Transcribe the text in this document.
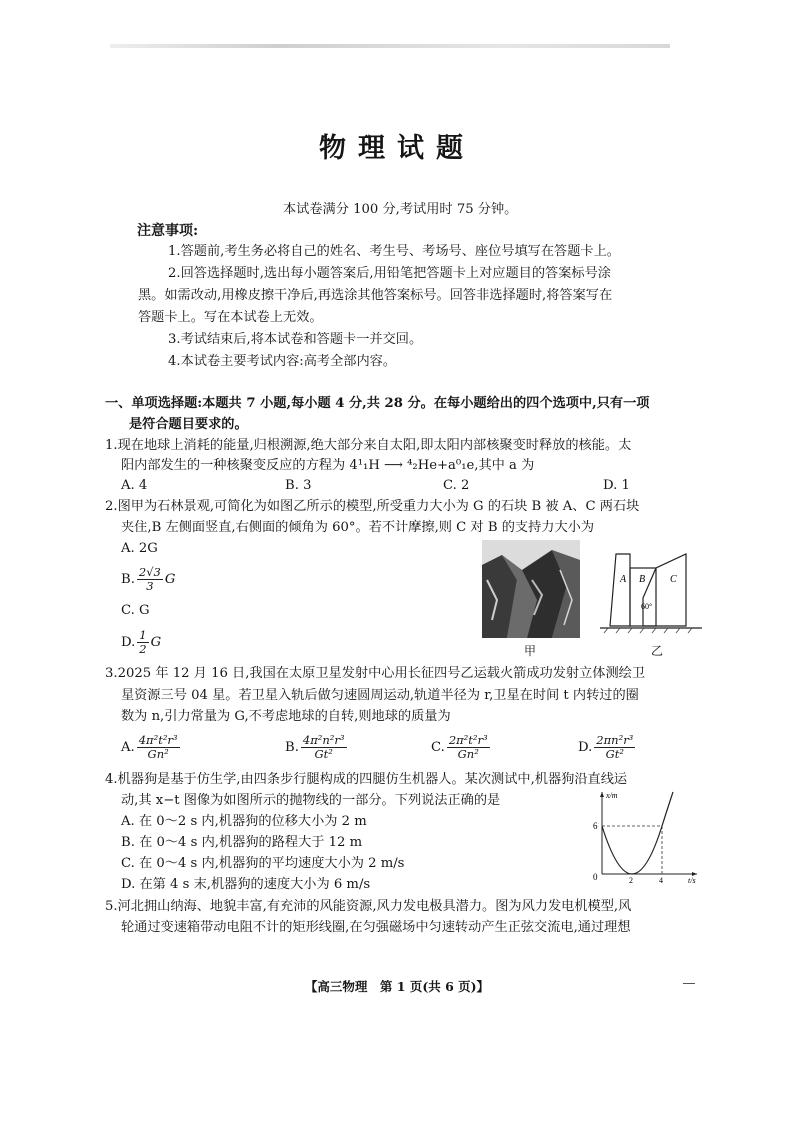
物理试题
本试卷满分 100 分,考试用时 75 分钟。
注意事项:
1.答题前,考生务必将自己的姓名、考生号、考场号、座位号填写在答题卡上。
2.回答选择题时,选出每小题答案后,用铅笔把答题卡上对应题目的答案标号涂
黑。如需改动,用橡皮擦干净后,再选涂其他答案标号。回答非选择题时,将答案写在
答题卡上。写在本试卷上无效。
3.考试结束后,将本试卷和答题卡一并交回。
4.本试卷主要考试内容:高考全部内容。
一、单项选择题:本题共 7 小题,每小题 4 分,共 28 分。在每小题给出的四个选项中,只有一项
是符合题目要求的。
1.现在地球上消耗的能量,归根溯源,绝大部分来自太阳,即太阳内部核聚变时释放的核能。太
阳内部发生的一种核聚变反应的方程为 4¹₁H ⟶ ⁴₂He+a⁰₁e,其中 a 为
A. 4	B. 3	C. 2	D. 1
2.图甲为石林景观,可简化为如图乙所示的模型,所受重力大小为 G 的石块 B 被 A、C 两石块
夹住,B 左侧面竖直,右侧面的倾角为 60°。若不计摩擦,则 C 对 B 的支持力大小为
A. 2G
B. $\frac{2√3}{3}$ G
C. G
D. $\frac{1}{2}$ G
甲
A B C
60°
乙
3.2025 年 12 月 16 日,我国在太原卫星发射中心用长征四号乙运载火箭成功发射立体测绘卫
星资源三号 04 星。若卫星入轨后做匀速圆周运动,轨道半径为 r,卫星在时间 t 内转过的圈
数为 n,引力常量为 G,不考虑地球的自转,则地球的质量为
A. $\frac{\text{4π²t²r³}}{\text{Gn²}}$	B. $\frac{\text{4π²n²r³}}{\text{Gt²}}$	C. $\frac{\text{2π²t²r³}}{\text{Gn²}}$	D. $\frac{\text{2πn²r³}}{\text{Gt²}}$
4.机器狗是基于仿生学,由四条步行腿构成的四腿仿生机器人。某次测试中,机器狗沿直线运
动,其 x−t 图像为如图所示的抛物线的一部分。下列说法正确的是
A. 在 0～2 s 内,机器狗的位移大小为 2 m
B. 在 0～4 s 内,机器狗的路程大于 12 m
C. 在 0～4 s 内,机器狗的平均速度大小为 2 m/s
D. 在第 4 s 末,机器狗的速度大小为 6 m/s
x/m
t/s
6
0	2	4
5.河北拥山纳海、地貌丰富,有充沛的风能资源,风力发电极具潜力。图为风力发电机模型,风
轮通过变速箱带动电阻不计的矩形线圈,在匀强磁场中匀速转动产生正弦交流电,通过理想
【高三物理　第 1 页(共 6 页)】
